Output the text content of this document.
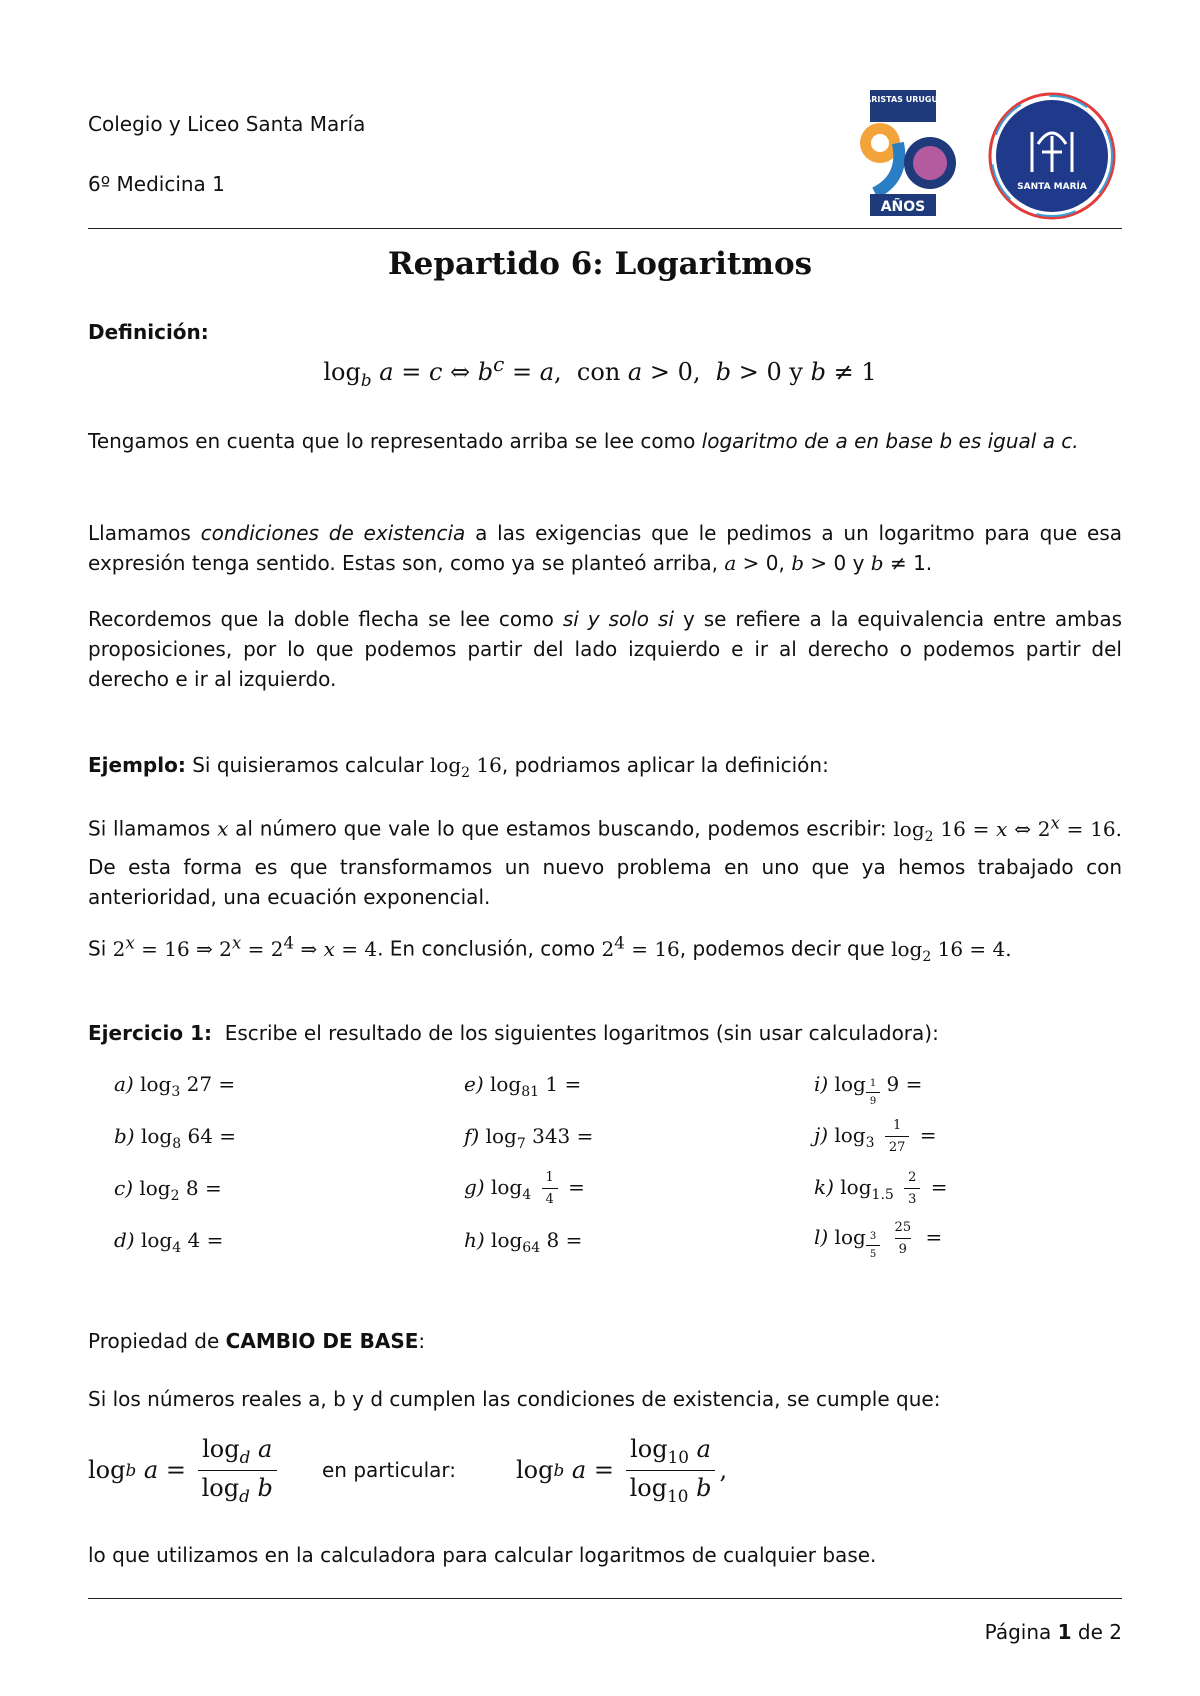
Colegio y Liceo Santa María
6º Medicina 1
MARISTAS URUGUAY
AÑOS
SANTA MARÍA
Repartido 6: Logaritmos
Definición:
$\log_b a = c$ ⇔ $b^c = a$,  con a > 0,  b > 0 y b ≠ 1
Tengamos en cuenta que lo representado arriba se lee como logaritmo de a en base b es igual a c.
Llamamos condiciones de existencia a las exigencias que le pedimos a un logaritmo para que esa expresión tenga sentido. Estas son, como ya se planteó arriba, a > 0, b > 0 y b ≠ 1.
Recordemos que la doble flecha se lee como si y solo si y se refiere a la equivalencia entre ambas proposiciones, por lo que podemos partir del lado izquierdo e ir al derecho o podemos partir del derecho e ir al izquierdo.
Ejemplo: Si quisieramos calcular $\log_2 16$, podriamos aplicar la definición:
Si llamamos x al número que vale lo que estamos buscando, podemos escribir: $\log_2 16 = x$ ⇔ $2^x = 16$. De esta forma es que transformamos un nuevo problema en uno que ya hemos trabajado con anterioridad, una ecuación exponencial.
Si $2^x = 16$ ⇒ $2^x = 2^4$ ⇒ x = 4. En conclusión, como $2^4 = 16$, podemos decir que $\log_2 16 = 4$.
Ejercicio 1: Escribe el resultado de los siguientes logaritmos (sin usar calculadora):
a) $\log_3 27$ =
b) $\log_8 64$ =
c) $\log_2 8$ =
d) $\log_4 4$ =
e) $\log_{81} 1$ =
f) $\log_7 343$ =
g) $\log_4 \frac{1}{4}$ =
h) $\log_{64} 8$ =
i) log $_{\frac{1}{9}}$ 9 =
j) $\log_3 \frac{1}{27}$ =
k) $\log_{1.5} \frac{2}{3}$ =
l) log $_{\frac{3}{5}}$
$\frac{25}{9}$ =
Propiedad de CAMBIO DE BASE:
Si los números reales a, b y d cumplen las condiciones de existencia, se cumple que:
log b
$a = \frac{\log_d a}{\log_d b}$ en particular: log b
$a = \frac{\log_{10} a}{\log_{10} b}$ ,
lo que utilizamos en la calculadora para calcular logaritmos de cualquier base.
Página 1 de 2
